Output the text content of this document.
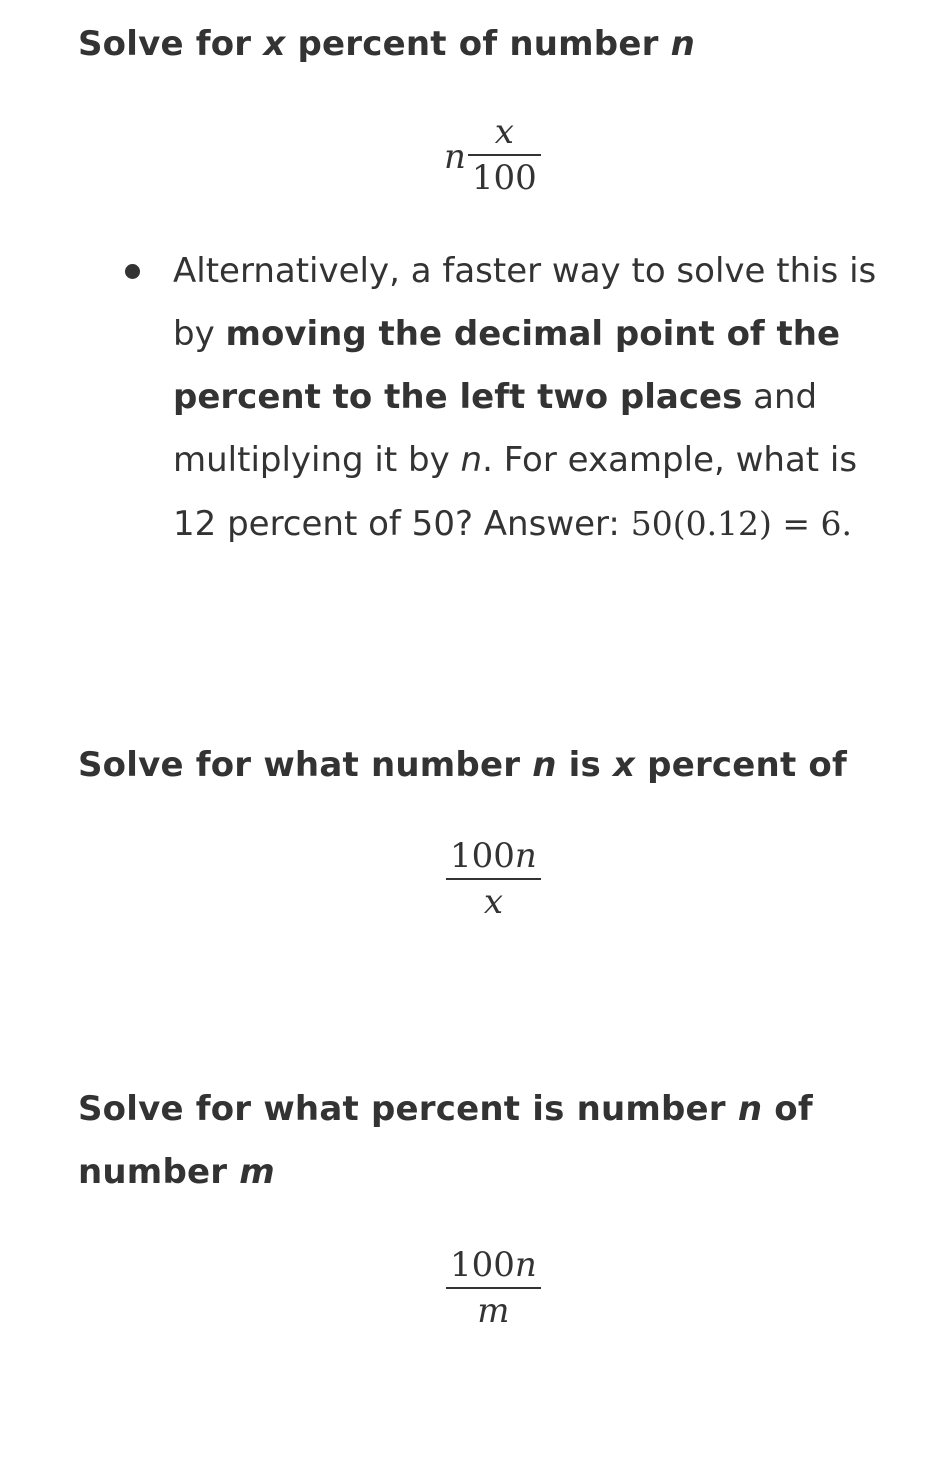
Solve for x percent of number n
n $\frac{x}{100}$
Alternatively, a faster way to solve this is by moving the decimal point of the percent to the left two places and multiplying it by n. For example, what is 12 percent of 50? Answer: 50(0.12) = 6.
Solve for what number n is x percent of
$\frac{100n}{x}$
Solve for what percent is number n of number m
$\frac{100n}{m}$
